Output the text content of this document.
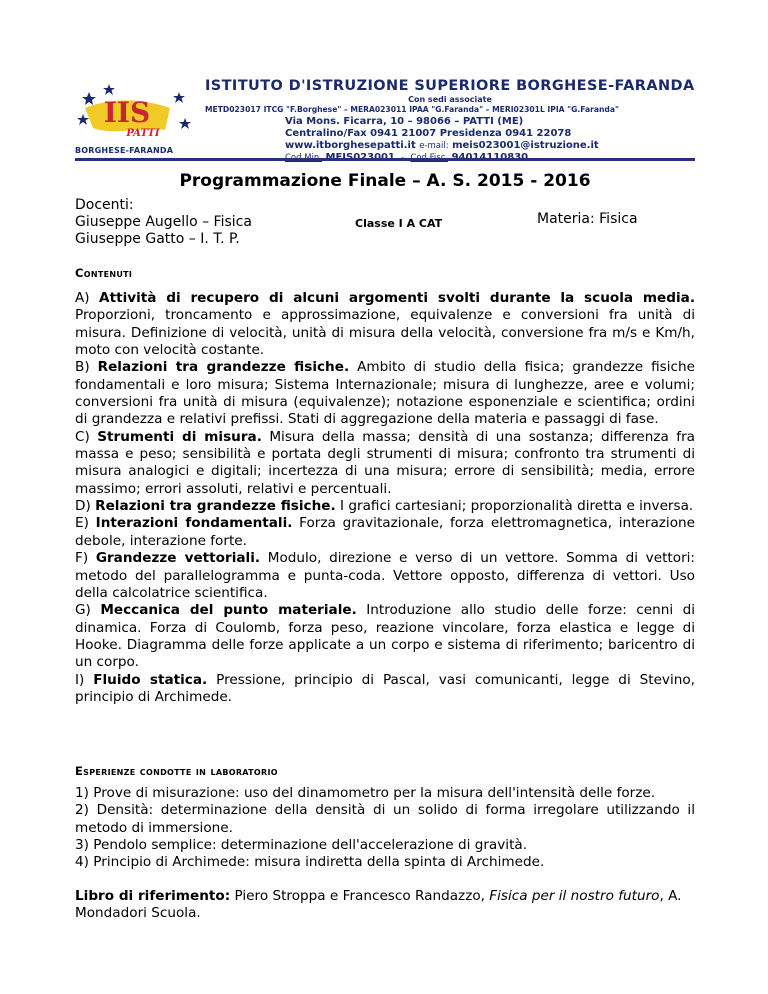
IIS
PATTI
BORGHESE-FARANDA
ISTITUTO D'ISTRUZIONE SUPERIORE BORGHESE-FARANDA
Con sedi associate
METD023017 ITCG "F.Borghese" – MERA023011 IPAA "G.Faranda" – MERI02301L IPIA "G.Faranda"
Via Mons. Ficarra, 10 – 98066 – PATTI (ME)
Centralino/Fax 0941 21007 Presidenza 0941 22078
www.itborghesepatti.it e-mail: meis023001@istruzione.it
Programmazione Finale – A. S. 2015 - 2016
Docenti:
Giuseppe Augello – Fisica
Giuseppe Gatto – I. T. P.
Classe I A CAT	Materia: Fisica
Contenuti

A) Attività di recupero di alcuni argomenti svolti durante la scuola media. Proporzioni, troncamento e approssimazione, equivalenze e conversioni fra unità di misura. Definizione di velocità, unità di misura della velocità, conversione fra m/s e Km/h, moto con velocità costante.

B) Relazioni tra grandezze fisiche. Ambito di studio della fisica; grandezze fisiche fondamentali e loro misura; Sistema Internazionale; misura di lunghezze, aree e volumi; conversioni fra unità di misura (equivalenze); notazione esponenziale e scientifica; ordini di grandezza e relativi prefissi. Stati di aggregazione della materia e passaggi di fase.

C) Strumenti di misura. Misura della massa; densità di una sostanza; differenza fra massa e peso; sensibilità e portata degli strumenti di misura; confronto tra strumenti di misura analogici e digitali; incertezza di una misura; errore di sensibilità; media, errore massimo; errori assoluti, relativi e percentuali.

D) Relazioni tra grandezze fisiche. I grafici cartesiani; proporzionalità diretta e inversa.

E) Interazioni fondamentali. Forza gravitazionale, forza elettromagnetica, interazione debole, interazione forte.

F) Grandezze vettoriali. Modulo, direzione e verso di un vettore. Somma di vettori: metodo del parallelogramma e punta-coda. Vettore opposto, differenza di vettori. Uso della calcolatrice scientifica.

G) Meccanica del punto materiale. Introduzione allo studio delle forze: cenni di dinamica. Forza di Coulomb, forza peso, reazione vincolare, forza elastica e legge di Hooke. Diagramma delle forze applicate a un corpo e sistema di riferimento; baricentro di un corpo.

I) Fluido statica. Pressione, principio di Pascal, vasi comunicanti, legge di Stevino, principio di Archimede.

Esperienze condotte in laboratorio

1) Prove di misurazione: uso del dinamometro per la misura dell'intensità delle forze.

2) Densità: determinazione della densità di un solido di forma irregolare utilizzando il metodo di immersione.

3) Pendolo semplice: determinazione dell'accelerazione di gravità.

4) Principio di Archimede: misura indiretta della spinta di Archimede.

Libro di riferimento: Piero Stroppa e Francesco Randazzo, Fisica per il nostro futuro, A. Mondadori Scuola.
